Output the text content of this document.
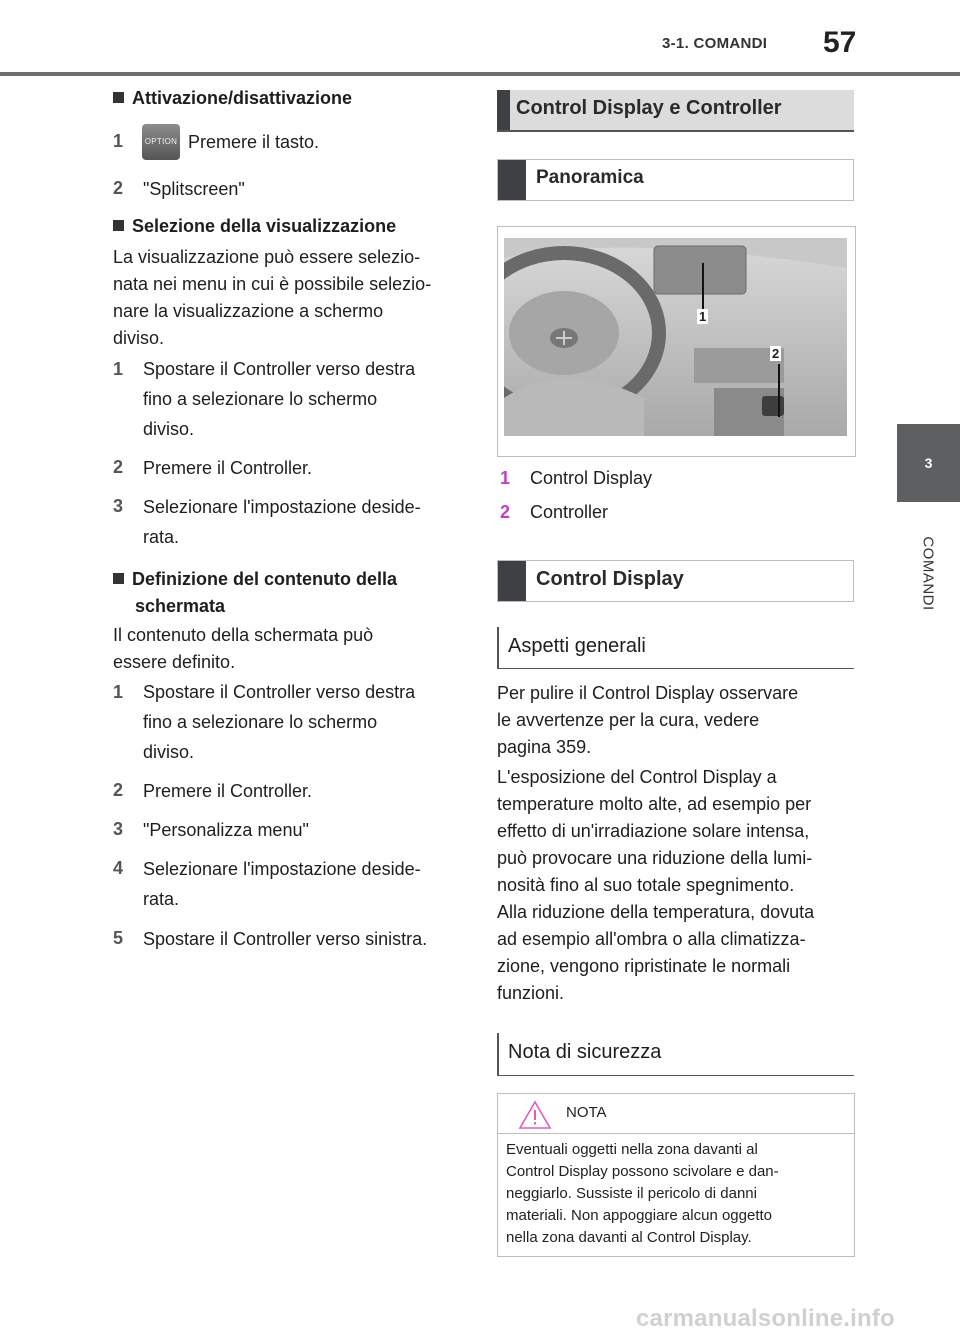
3-1. COMANDI 57
3
COMANDI
Attivazione/disattivazione
1	OPTION Premere il tasto.
2 "Splitscreen"
Selezione della visualizzazione
La visualizzazione può essere selezio-
nata nei menu in cui è possibile selezio-
nare la visualizzazione a schermo
diviso.
1 Spostare il Controller verso destra
fino a selezionare lo schermo
diviso.
2 Premere il Controller.
3 Selezionare l'impostazione deside-
rata.
Definizione del contenuto della
schermata
Il contenuto della schermata può
essere definito.
1 Spostare il Controller verso destra
fino a selezionare lo schermo
diviso.
2 Premere il Controller.
3 "Personalizza menu"
4 Selezionare l'impostazione deside-
rata.
5 Spostare il Controller verso sinistra.
Control Display e Controller
Panoramica
1
2
1 Control Display
2 Controller
Control Display
Aspetti generali
Per pulire il Control Display osservare
le avvertenze per la cura, vedere
pagina 359.
L'esposizione del Control Display a
temperature molto alte, ad esempio per
effetto di un'irradiazione solare intensa,
può provocare una riduzione della lumi-
nosità fino al suo totale spegnimento.
Alla riduzione della temperatura, dovuta
ad esempio all'ombra o alla climatizza-
zione, vengono ripristinate le normali
funzioni.
Nota di sicurezza
NOTA
Eventuali oggetti nella zona davanti al
Control Display possono scivolare e dan-
neggiarlo. Sussiste il pericolo di danni
materiali. Non appoggiare alcun oggetto
nella zona davanti al Control Display.
carmanualsonline.info
